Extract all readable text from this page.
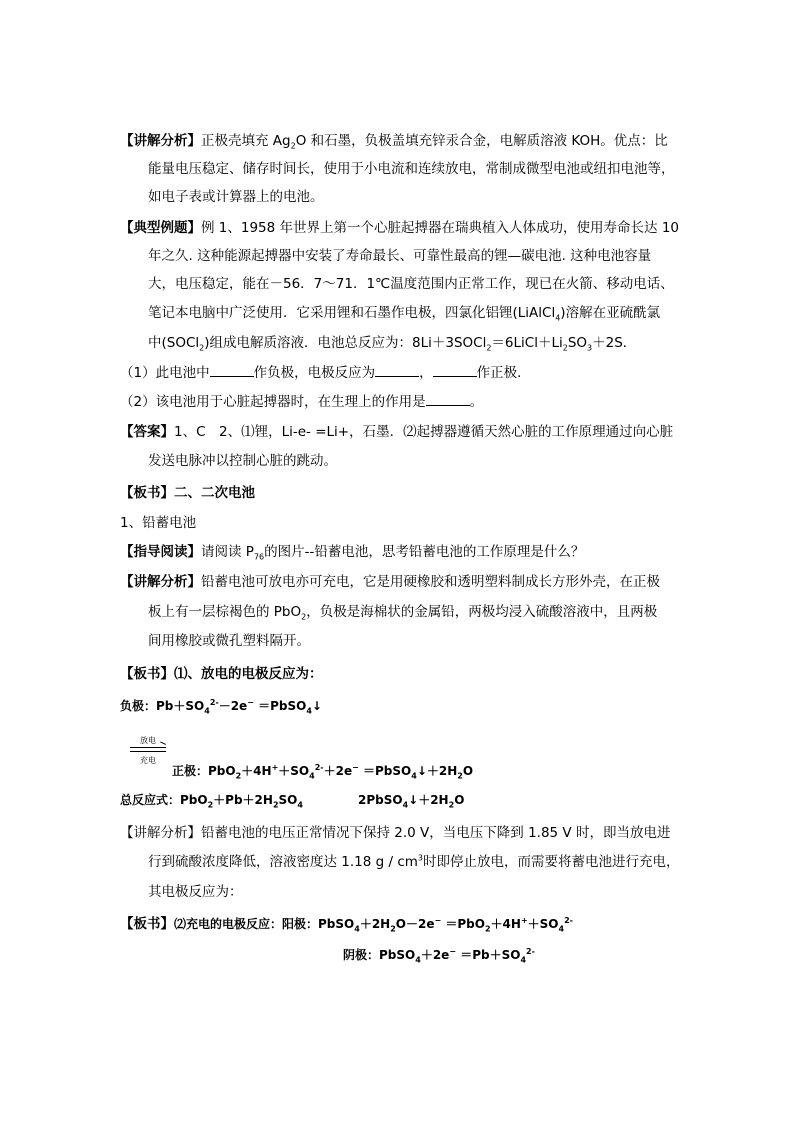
【讲解分析】正极壳填充 $Ag_2O$ 和石墨，负极盖填充锌汞合金，电解质溶液 KOH。优点：比
能量电压稳定、储存时间长，使用于小电流和连续放电，常制成微型电池或纽扣电池等，
如电子表或计算器上的电池。
【典型例题】例 1、1958 年世界上第一个心脏起搏器在瑞典植入人体成功，使用寿命长达 10
年之久. 这种能源起搏器中安装了寿命最长、可靠性最高的锂—碳电池. 这种电池容量
大，电压稳定，能在－56．7～71．1℃温度范围内正常工作，现已在火箭、移动电话、
笔记本电脑中广泛使用．它采用锂和石墨作电极，四氯化铝锂(LiAlCl$_4$)溶解在亚硫酰氯
中(SOCl$_2$)组成电解质溶液．电池总反应为：$8Li+3SOCl_2=6LiCl+Li_2SO_3+2S$．
（1）此电池中	作负极，电极反应为	，	作正极．
（2）该电池用于心脏起搏器时，在生理上的作用是	。
【答案】1、C　2、⑴锂，Li-e- =Li+，石墨．⑵起搏器遵循天然心脏的工作原理通过向心脏
发送电脉冲以控制心脏的跳动。
【板书】二、二次电池
1、铅蓄电池
【指导阅读】请阅读 $P_{76}$的图片--铅蓄电池，思考铅蓄电池的工作原理是什么？
【讲解分析】铅蓄电池可放电亦可充电，它是用硬橡胶和透明塑料制成长方形外壳，在正极
板上有一层棕褐色的 PbO$_2$，负极是海棉状的金属铅，两极均浸入硫酸溶液中，且两极
间用橡胶或微孔塑料隔开。
【板书】⑴、放电的电极反应为：
负极：$Pb+SO_4^{2-}-2e^-$ ＝PbSO$_4$↓
放电
充电
正极：$PbO_2+4H^++SO_4^{2-}+2e^-$ $=PbSO_4↓+2H_2O$
总反应式：$PbO_2+Pb+2H_2SO_4$	$2PbSO_4↓+2H_2O$
【讲解分析】铅蓄电池的电压正常情况下保持 2.0 V，当电压下降到 1.85 V 时，即当放电进
行到硫酸浓度降低，溶液密度达 1.18 g / $cm^3$时即停止放电，而需要将蓄电池进行充电，
其电极反应为：
【板书】⑵充电的电极反应：阳极：$PbSO_4+2H_2O-2e^- =PbO_2+4H^++SO_4^{2-}$
阴极：PbSO$_4$＋2e− $=Pb+SO_4^{2-}$
